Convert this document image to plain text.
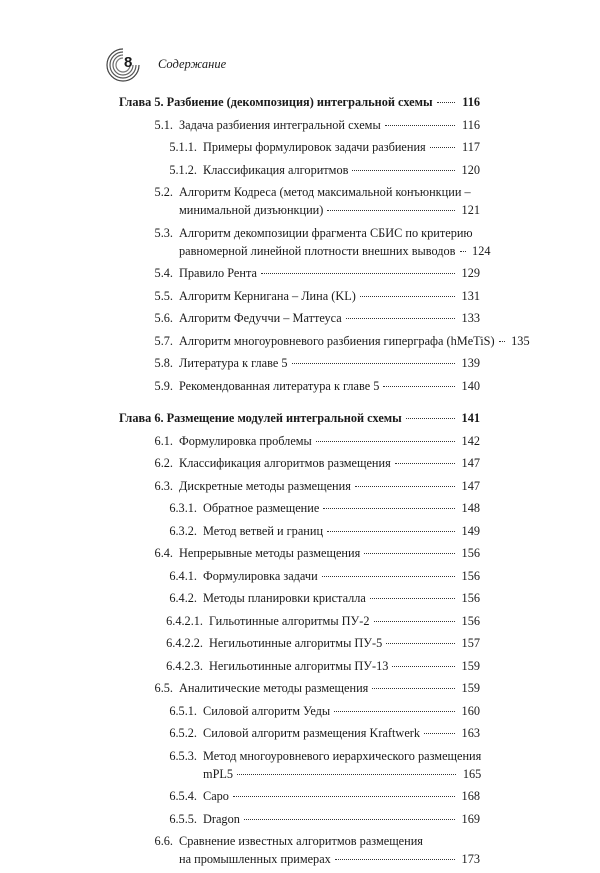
8 Содержание
Глава 5. Разбиение (декомпозиция) интегральной схемы	116
5.1. Задача разбиения интегральной схемы	116
5.1.1. Примеры формулировок задачи разбиения	117
5.1.2. Классификация алгоритмов	120
5.2. Алгоритм Кодреса (метод максимальной конъюнкции –
минимальной дизъюнкции)	121
5.3. Алгоритм декомпозиции фрагмента СБИС по критерию
равномерной линейной плотности внешних выводов 124
5.4. Правило Рента	129
5.5. Алгоритм Кернигана – Лина (KL)	131
5.6. Алгоритм Федуччи – Маттеуса	133
5.7. Алгоритм многоуровневого разбиения гиперграфа (hMeTiS) 135
5.8. Литература к главе 5	139
5.9. Рекомендованная литература к главе 5	140
Глава 6. Размещение модулей интегральной схемы	141
6.1. Формулировка проблемы	142
6.2. Классификация алгоритмов размещения	147
6.3. Дискретные методы размещения	147
6.3.1. Обратное размещение	148
6.3.2. Метод ветвей и границ	149
6.4. Непрерывные методы размещения	156
6.4.1. Формулировка задачи	156
6.4.2. Методы планировки кристалла	156
6.4.2.1. Гильотинные алгоритмы ПУ-2	156
6.4.2.2. Негильотинные алгоритмы ПУ-5	157
6.4.2.3. Негильотинные алгоритмы ПУ-13	159
6.5. Аналитические методы размещения	159
6.5.1. Силовой алгоритм Уеды	160
6.5.2. Силовой алгоритм размещения Kraftwerk	163
6.5.3. Метод многоуровневого иерархического размещения
mPL5	165
6.5.4. Capo	168
6.5.5. Dragon	169
6.6. Сравнение известных алгоритмов размещения
на промышленных примерах	173
